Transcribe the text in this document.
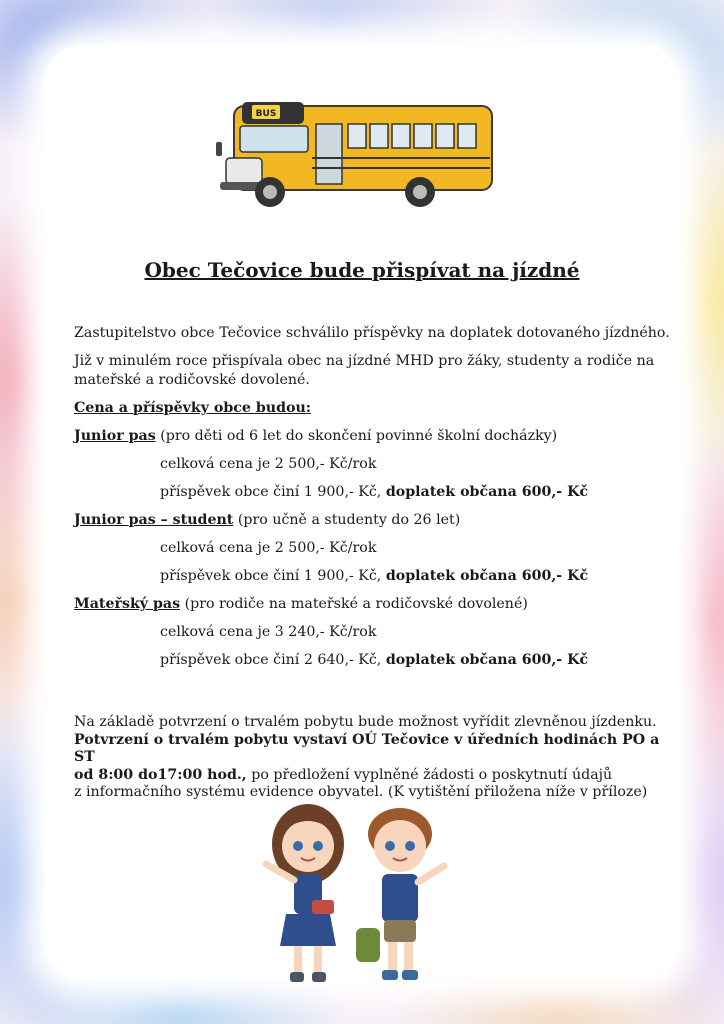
BUS
Obec Tečovice bude přispívat na jízdné

Zastupitelstvo obce Tečovice schválilo příspěvky na doplatek dotovaného jízdného.

Již v minulém roce přispívala obec na jízdné MHD pro žáky, studenty a rodiče na mateřské a rodičovské dovolené.

Cena a příspěvky obce budou:

Junior pas (pro děti od 6 let do skončení povinné školní docházky)

celková cena je 2 500,- Kč/rok

příspěvek obce činí 1 900,- Kč, doplatek občana 600,- Kč

Junior pas – student (pro učně a studenty do 26 let)

celková cena je 2 500,- Kč/rok

příspěvek obce činí 1 900,- Kč, doplatek občana 600,- Kč

Mateřský pas (pro rodiče na mateřské a rodičovské dovolené)

celková cena je 3 240,- Kč/rok

příspěvek obce činí 2 640,- Kč, doplatek občana 600,- Kč

Na základě potvrzení o trvalém pobytu bude možnost vyřídit zlevněnou jízdenku.
Potvrzení o trvalém pobytu vystaví OÚ Tečovice v úředních hodinách PO a ST
od 8:00 do17:00 hod., po předložení vyplněné žádosti o poskytnutí údajů
z informačního systému evidence obyvatel. (K vytištění přiložena níže v příloze)
